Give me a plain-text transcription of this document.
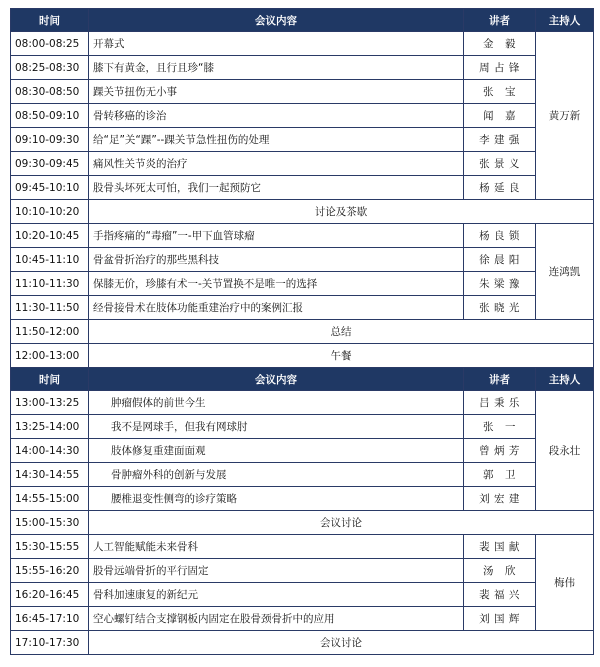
时间	会议内容	讲者	主持人
08:00-08:25	开幕式	金　毅	黄万新
08:25-08:30	膝下有黄金，且行且珍“膝	周 占 锋	
08:30-08:50	踝关节扭伤无小事	张　宝	
08:50-09:10	骨转移癌的诊治	闻　嘉	
09:10-09:30	给“足”关“踝”--踝关节急性扭伤的处理	李 建 强	
09:30-09:45	痛风性关节炎的治疗	张 景 义	
09:45-10:10	股骨头坏死太可怕，我们一起预防它	杨 延 良	
10:10-10:20	讨论及茶歇		
10:20-10:45	手指疼痛的“毒瘤”一-甲下血管球瘤	杨 良 锁	连鸿凯
10:45-11:10	骨盆骨折治疗的那些黑科技	徐 晨 阳	
11:10-11:30	保膝无价，珍膝有术一-关节置换不是唯一的选择	朱 梁 豫	
11:30-11:50	经骨接骨术在肢体功能重建治疗中的案例汇报	张 晓 光	
11:50-12:00	总结		
12:00-13:00	午餐		
时间	会议内容	讲者	主持人
13:00-13:25	肿瘤假体的前世今生	吕 秉 乐	段永壮
13:25-14:00	我不是网球手，但我有网球肘	张　一	
14:00-14:30	肢体修复重建面面观	曾 炳 芳	
14:30-14:55	骨肿瘤外科的创新与发展	郭　卫	
14:55-15:00	腰椎退变性侧弯的诊疗策略	刘 宏 建	
15:00-15:30	会议讨论		
15:30-15:55	人工智能赋能未来骨科	裴 国 献	梅伟
15:55-16:20	股骨远端骨折的平行固定	汤　欣	
16:20-16:45	骨科加速康复的新纪元	裴 福 兴	
16:45-17:10	空心螺钉结合支撑钢板内固定在股骨颈骨折中的应用	刘 国 辉	
17:10-17:30	会议讨论		
